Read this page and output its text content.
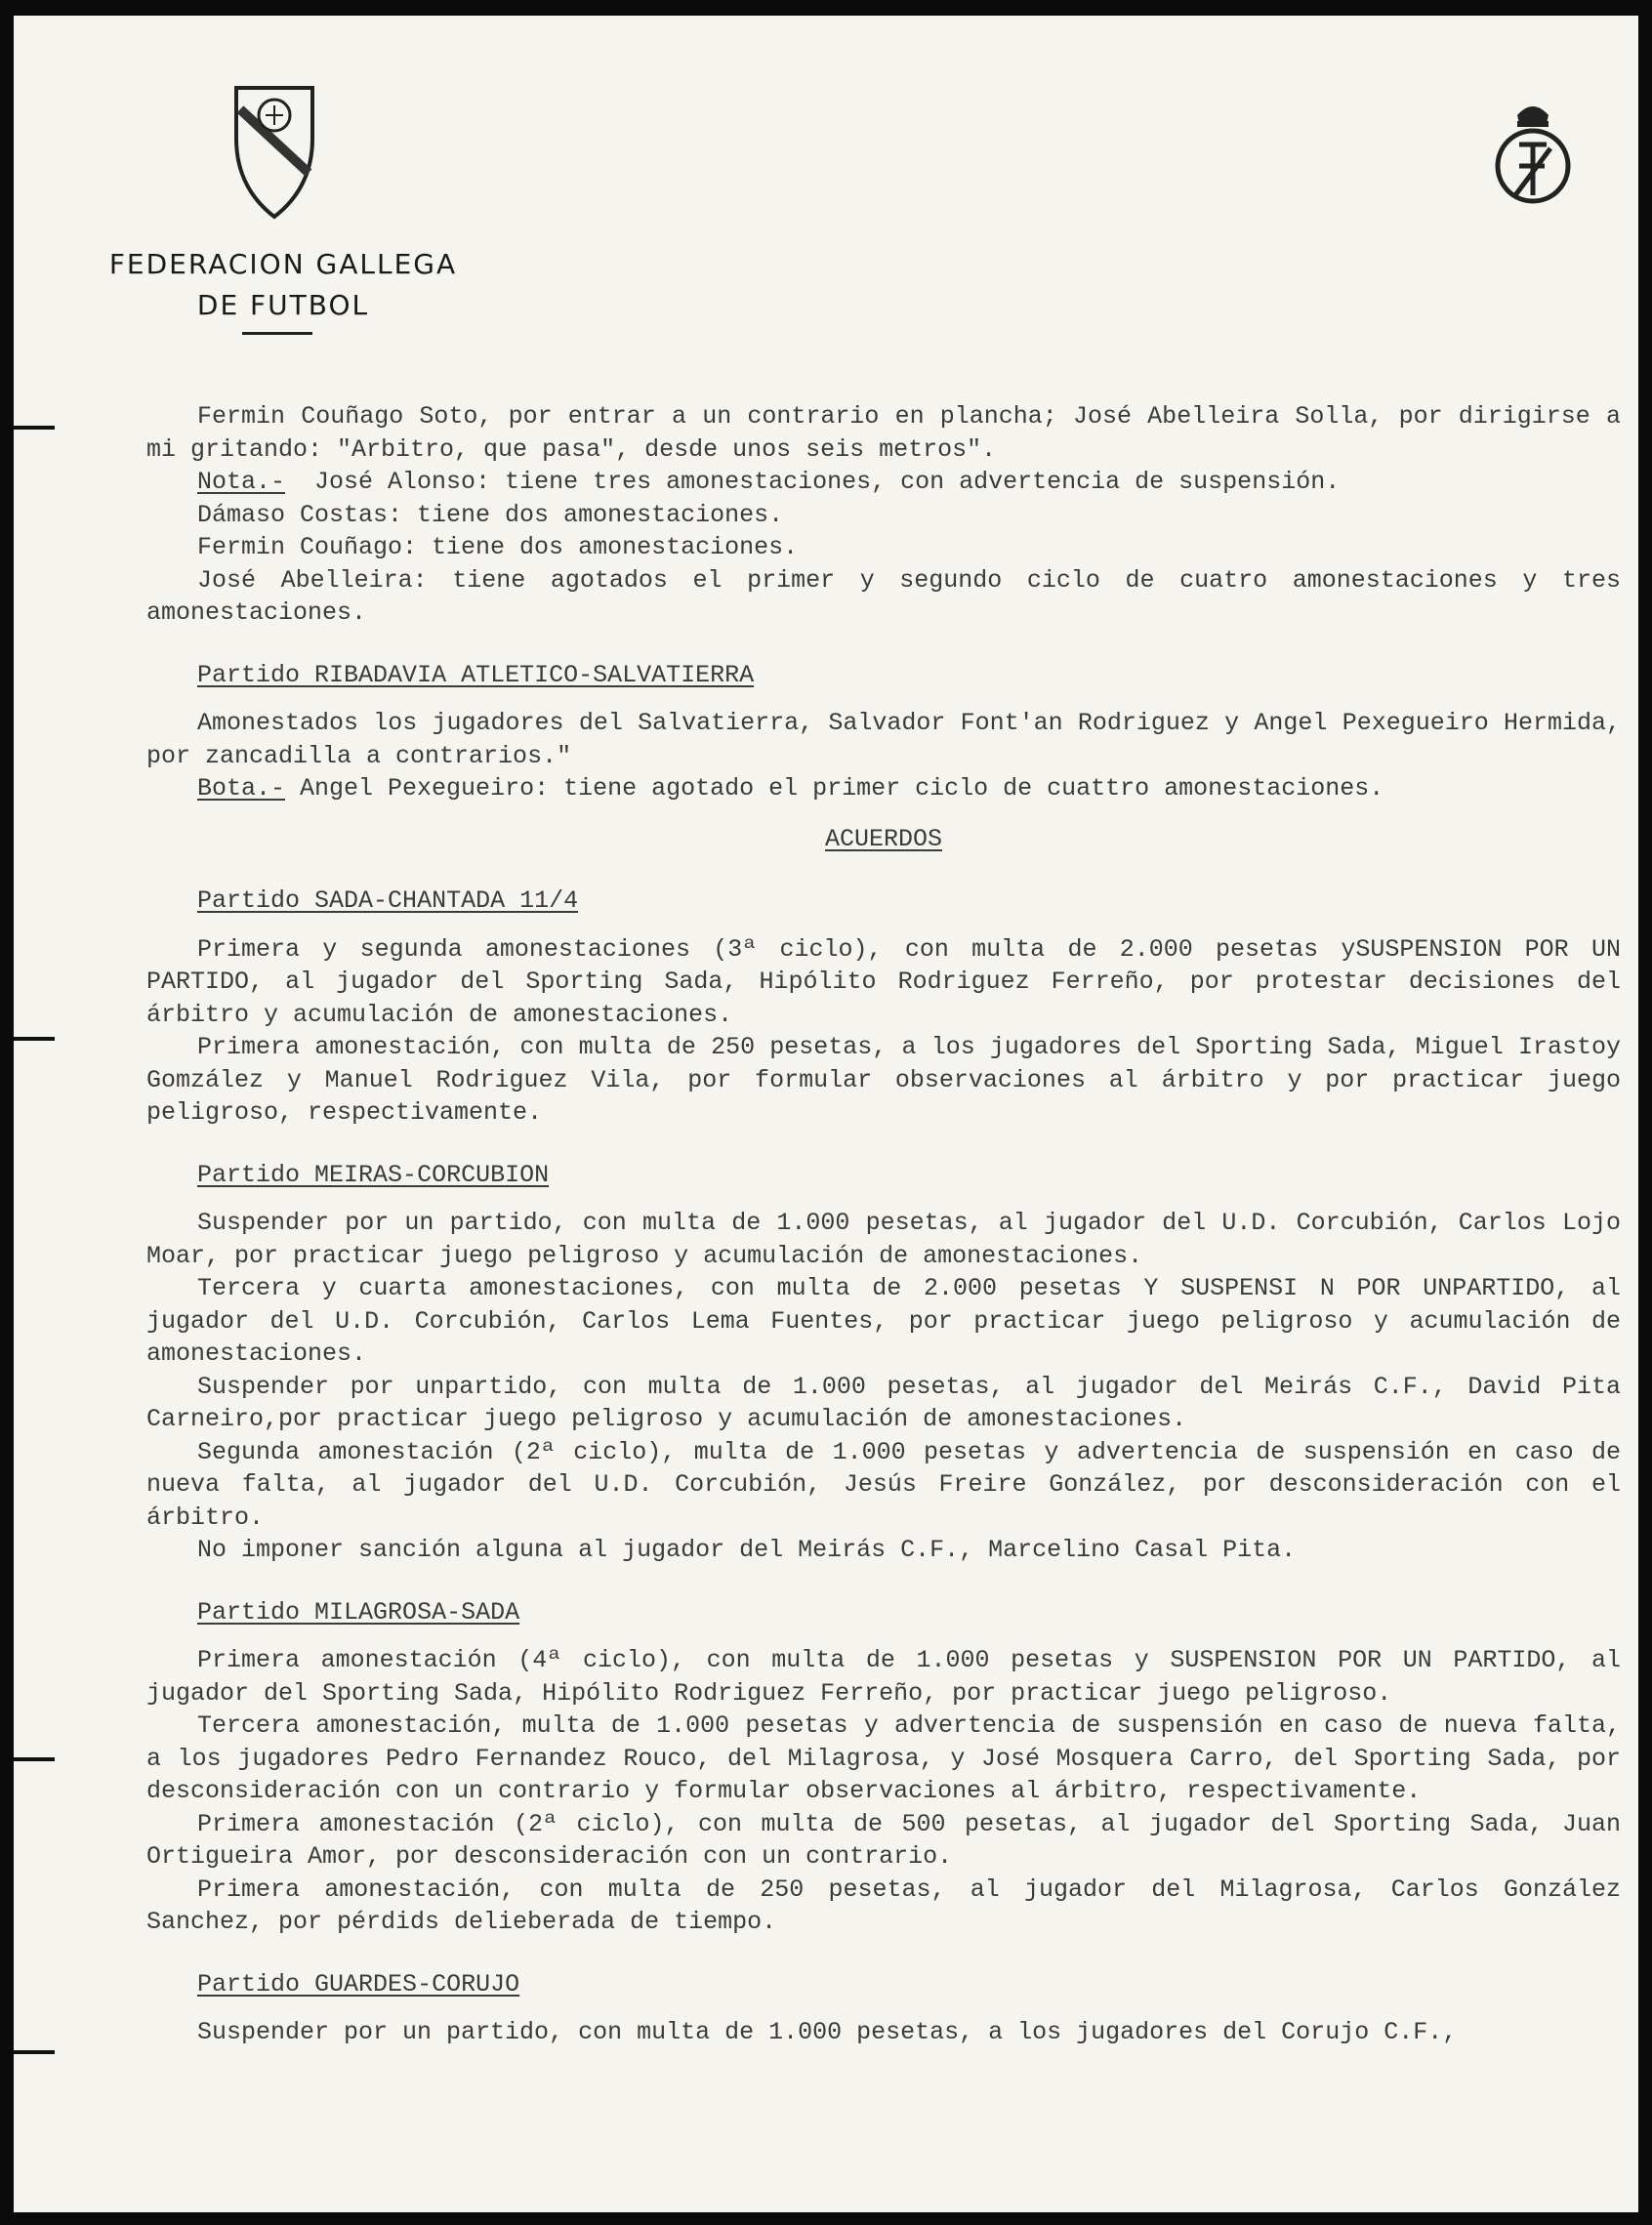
FEDERACION GALLEGA
DE FUTBOL

Fermin Couñago Soto, por entrar a un contrario en plancha; José Abelleira Solla, por dirigirse a mi gritando: "Arbitro, que pasa", desde unos seis metros".

Nota.- José Alonso: tiene tres amonestaciones, con advertencia de suspensión.

Dámaso Costas: tiene dos amonestaciones.

Fermin Couñago: tiene dos amonestaciones.

José Abelleira: tiene agotados el primer y segundo ciclo de cuatro amonestaciones y tres amonestaciones.

Partido RIBADAVIA ATLETICO-SALVATIERRA

Amonestados los jugadores del Salvatierra, Salvador Font'an Rodriguez y Angel Pexegueiro Hermida, por zancadilla a contrarios."

Bota.- Angel Pexegueiro: tiene agotado el primer ciclo de cuattro amonestaciones.

ACUERDOS

Partido SADA-CHANTADA 11/4

Primera y segunda amonestaciones (3ª ciclo), con multa de 2.000 pesetas ySUSPENSION POR UN PARTIDO, al jugador del Sporting Sada, Hipólito Rodriguez Ferreño, por protestar decisiones del árbitro y acumulación de amonestaciones.

Primera amonestación, con multa de 250 pesetas, a los jugadores del Sporting Sada, Miguel Irastoy Gomzález y Manuel Rodriguez Vila, por formular observaciones al árbitro y por practicar juego peligroso, respectivamente.

Partido MEIRAS-CORCUBION

Suspender por un partido, con multa de 1.000 pesetas, al jugador del U.D. Corcubión, Carlos Lojo Moar, por practicar juego peligroso y acumulación de amonestaciones.

Tercera y cuarta amonestaciones, con multa de 2.000 pesetas Y SUSPENSI N POR UNPARTIDO, al jugador del U.D. Corcubión, Carlos Lema Fuentes, por practicar juego peligroso y acumulación de amonestaciones.

Suspender por unpartido, con multa de 1.000 pesetas, al jugador del Meirás C.F., David Pita Carneiro,por practicar juego peligroso y acumulación de amonestaciones.

Segunda amonestación (2ª ciclo), multa de 1.000 pesetas y advertencia de suspensión en caso de nueva falta, al jugador del U.D. Corcubión, Jesús Freire González, por desconsideración con el árbitro.

No imponer sanción alguna al jugador del Meirás C.F., Marcelino Casal Pita.

Partido MILAGROSA-SADA

Primera amonestación (4ª ciclo), con multa de 1.000 pesetas y SUSPENSION POR UN PARTIDO, al jugador del Sporting Sada, Hipólito Rodriguez Ferreño, por practicar juego peligroso.

Tercera amonestación, multa de 1.000 pesetas y advertencia de suspensión en caso de nueva falta, a los jugadores Pedro Fernandez Rouco, del Milagrosa, y José Mosquera Carro, del Sporting Sada, por desconsideración con un contrario y formular observaciones al árbitro, respectivamente.

Primera amonestación (2ª ciclo), con multa de 500 pesetas, al jugador del Sporting Sada, Juan Ortigueira Amor, por desconsideración con un contrario.

Primera amonestación, con multa de 250 pesetas, al jugador del Milagrosa, Carlos González Sanchez, por pérdids delieberada de tiempo.

Partido GUARDES-CORUJO

Suspender por un partido, con multa de 1.000 pesetas, a los jugadores del Corujo C.F.,
